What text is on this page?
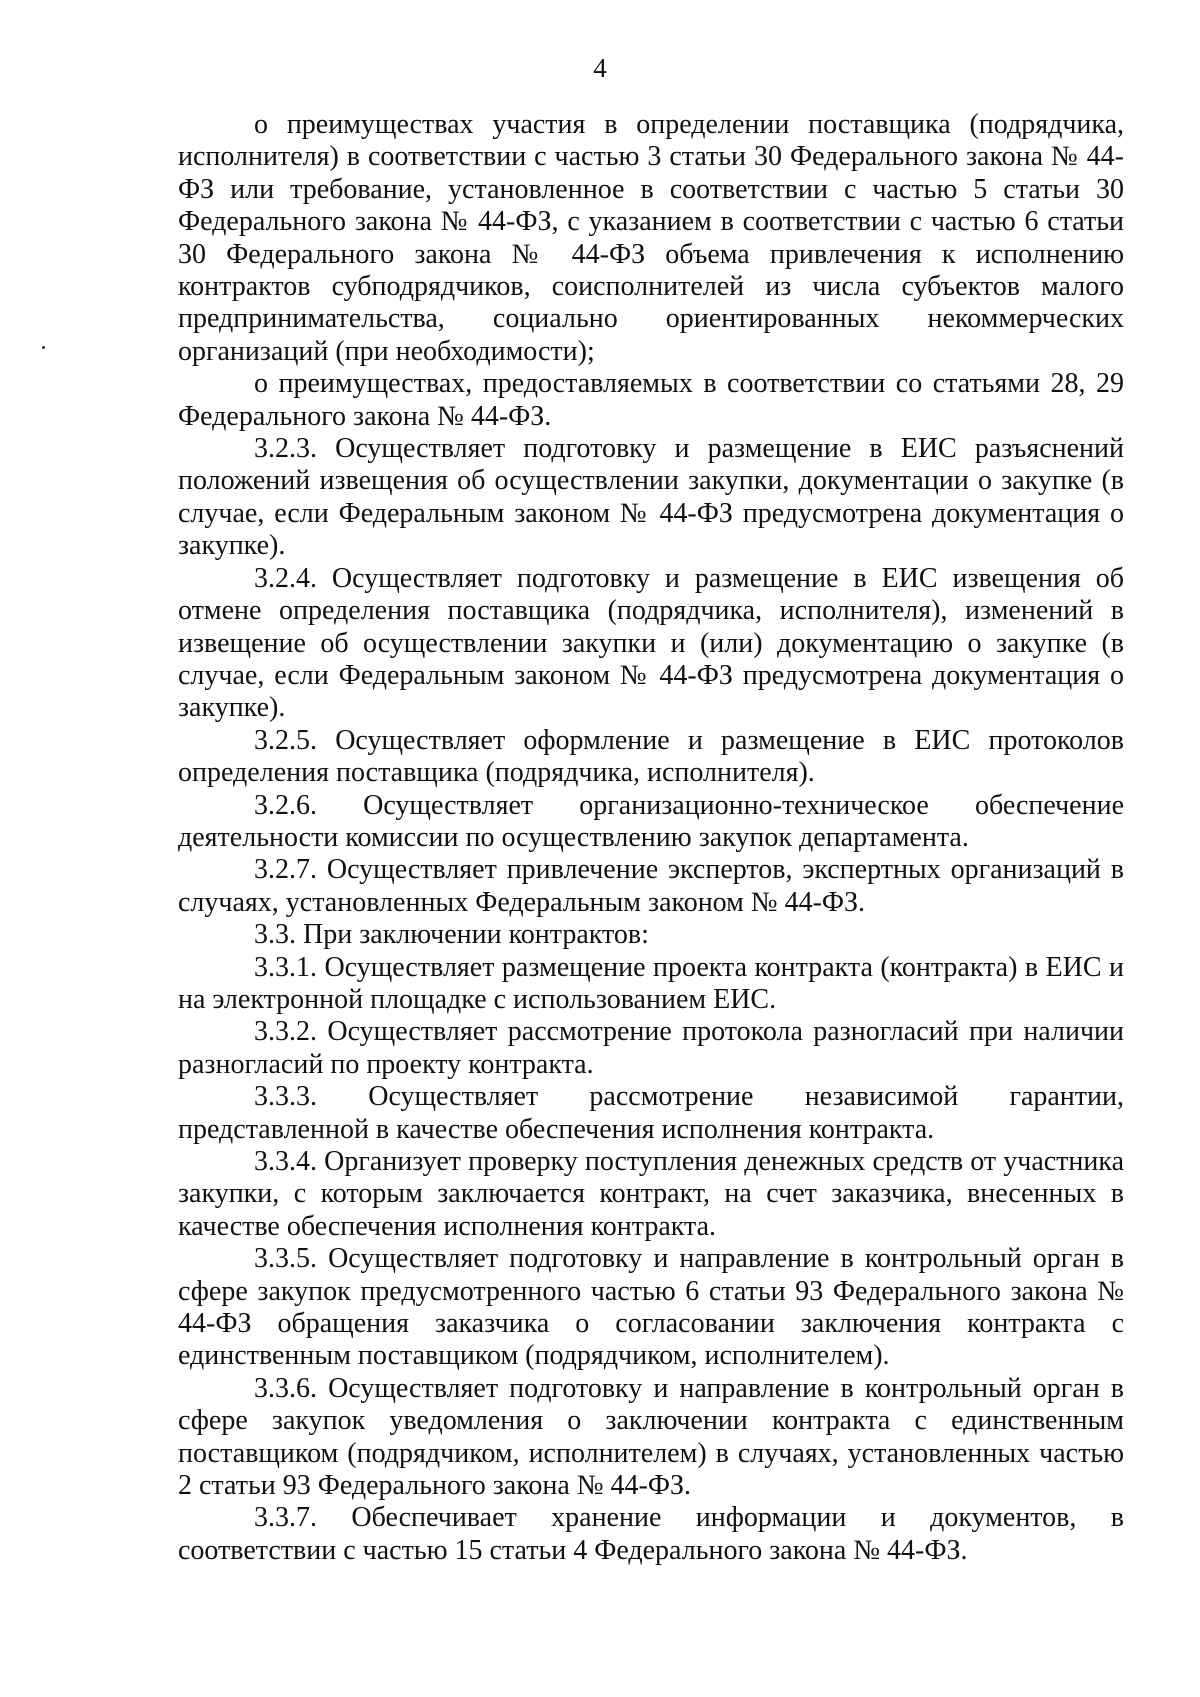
4

о преимуществах участия в определении поставщика (подрядчика, исполнителя) в соответствии с частью 3 статьи 30 Федерального закона № 44-ФЗ или требование, установленное в соответствии с частью 5 статьи 30 Федерального закона № 44-ФЗ, с указанием в соответствии с частью 6 статьи 30 Федерального закона № 44-ФЗ объема привлечения к исполнению контрактов субподрядчиков, соисполнителей из числа субъектов малого предпринимательства, социально ориентированных некоммерческих организаций (при необходимости);

о преимуществах, предоставляемых в соответствии со статьями 28, 29 Федерального закона № 44-ФЗ.

3.2.3. Осуществляет подготовку и размещение в ЕИС разъяснений положений извещения об осуществлении закупки, документации о закупке (в случае, если Федеральным законом № 44-ФЗ предусмотрена документация о закупке).

3.2.4. Осуществляет подготовку и размещение в ЕИС извещения об отмене определения поставщика (подрядчика, исполнителя), изменений в извещение об осуществлении закупки и (или) документацию о закупке (в случае, если Федеральным законом № 44-ФЗ предусмотрена документация о закупке).

3.2.5. Осуществляет оформление и размещение в ЕИС протоколов определения поставщика (подрядчика, исполнителя).

3.2.6. Осуществляет организационно-техническое обеспечение деятельности комиссии по осуществлению закупок департамента.

3.2.7. Осуществляет привлечение экспертов, экспертных организаций в случаях, установленных Федеральным законом № 44-ФЗ.

3.3. При заключении контрактов:

3.3.1. Осуществляет размещение проекта контракта (контракта) в ЕИС и на электронной площадке с использованием ЕИС.

3.3.2. Осуществляет рассмотрение протокола разногласий при наличии разногласий по проекту контракта.

3.3.3. Осуществляет рассмотрение независимой гарантии, представленной в качестве обеспечения исполнения контракта.

3.3.4. Организует проверку поступления денежных средств от участника закупки, с которым заключается контракт, на счет заказчика, внесенных в качестве обеспечения исполнения контракта.

3.3.5. Осуществляет подготовку и направление в контрольный орган в сфере закупок предусмотренного частью 6 статьи 93 Федерального закона № 44-ФЗ обращения заказчика о согласовании заключения контракта с единственным поставщиком (подрядчиком, исполнителем).

3.3.6. Осуществляет подготовку и направление в контрольный орган в сфере закупок уведомления о заключении контракта с единственным поставщиком (подрядчиком, исполнителем) в случаях, установленных частью 2 статьи 93 Федерального закона № 44-ФЗ.

3.3.7. Обеспечивает хранение информации и документов, в соответствии с частью 15 статьи 4 Федерального закона № 44-ФЗ.
